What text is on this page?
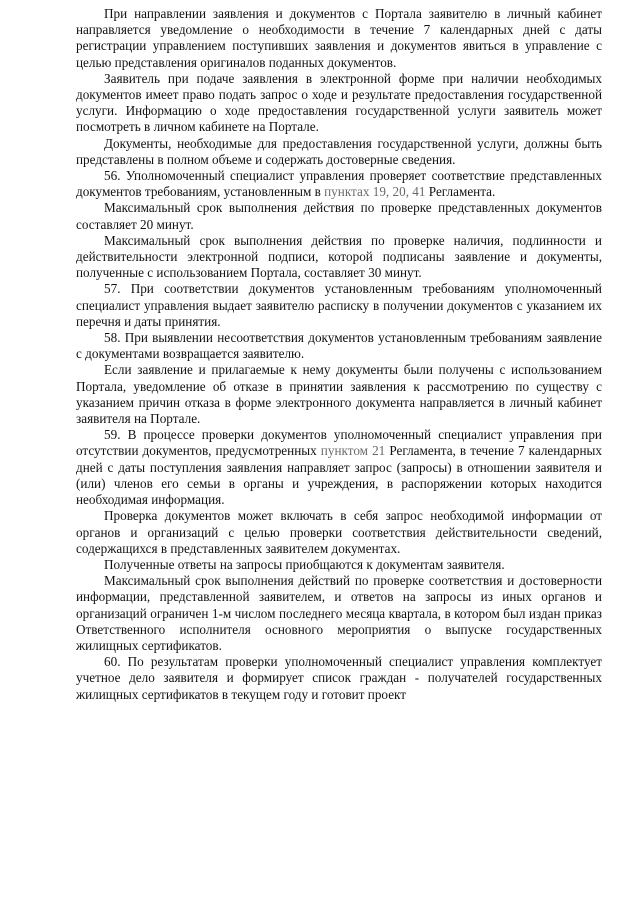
При направлении заявления и документов с Портала заявителю в личный кабинет направляется уведомление о необходимости в течение 7 календарных дней с даты регистрации управлением поступивших заявления и документов явиться в управление с целью представления оригиналов поданных документов.

Заявитель при подаче заявления в электронной форме при наличии необходимых документов имеет право подать запрос о ходе и результате предоставления государственной услуги. Информацию о ходе предоставления государственной услуги заявитель может посмотреть в личном кабинете на Портале.

Документы, необходимые для предоставления государственной услуги, должны быть представлены в полном объеме и содержать достоверные сведения.

56. Уполномоченный специалист управления проверяет соответствие представленных документов требованиям, установленным в пунктах 19, 20, 41 Регламента.

Максимальный срок выполнения действия по проверке представленных документов составляет 20 минут.

Максимальный срок выполнения действия по проверке наличия, подлинности и действительности электронной подписи, которой подписаны заявление и документы, полученные с использованием Портала, составляет 30 минут.

57. При соответствии документов установленным требованиям уполномоченный специалист управления выдает заявителю расписку в получении документов с указанием их перечня и даты принятия.

58. При выявлении несоответствия документов установленным требованиям заявление с документами возвращается заявителю.

Если заявление и прилагаемые к нему документы были получены с использованием Портала, уведомление об отказе в принятии заявления к рассмотрению по существу с указанием причин отказа в форме электронного документа направляется в личный кабинет заявителя на Портале.

59. В процессе проверки документов уполномоченный специалист управления при отсутствии документов, предусмотренных пунктом 21 Регламента, в течение 7 календарных дней с даты поступления заявления направляет запрос (запросы) в отношении заявителя и (или) членов его семьи в органы и учреждения, в распоряжении которых находится необходимая информация.

Проверка документов может включать в себя запрос необходимой информации от органов и организаций с целью проверки соответствия действительности сведений, содержащихся в представленных заявителем документах.

Полученные ответы на запросы приобщаются к документам заявителя.

Максимальный срок выполнения действий по проверке соответствия и достоверности информации, представленной заявителем, и ответов на запросы из иных органов и организаций ограничен 1-м числом последнего месяца квартала, в котором был издан приказ Ответственного исполнителя основного мероприятия о выпуске государственных жилищных сертификатов.

60. По результатам проверки уполномоченный специалист управления комплектует учетное дело заявителя и формирует список граждан - получателей государственных жилищных сертификатов в текущем году и готовит проект
